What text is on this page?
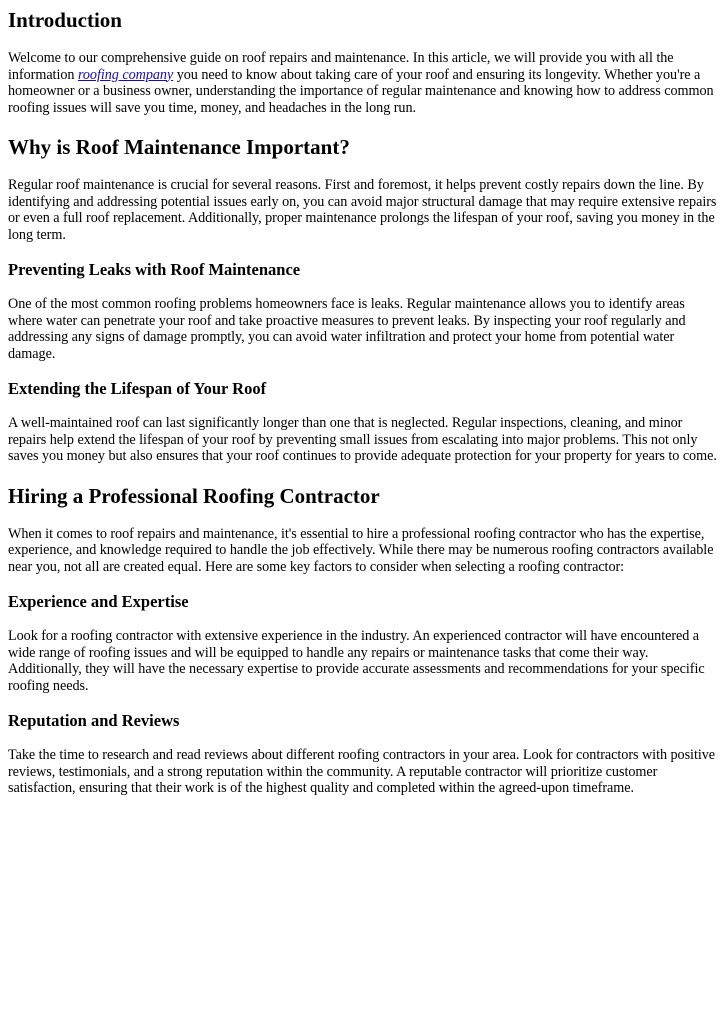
Introduction

Welcome to our comprehensive guide on roof repairs and maintenance. In this article, we will provide you with all the information roofing company you need to know about taking care of your roof and ensuring its longevity. Whether you're a homeowner or a business owner, understanding the importance of regular maintenance and knowing how to address common roofing issues will save you time, money, and headaches in the long run.

Why is Roof Maintenance Important?

Regular roof maintenance is crucial for several reasons. First and foremost, it helps prevent costly repairs down the line. By identifying and addressing potential issues early on, you can avoid major structural damage that may require extensive repairs or even a full roof replacement. Additionally, proper maintenance prolongs the lifespan of your roof, saving you money in the long term.

Preventing Leaks with Roof Maintenance

One of the most common roofing problems homeowners face is leaks. Regular maintenance allows you to identify areas where water can penetrate your roof and take proactive measures to prevent leaks. By inspecting your roof regularly and addressing any signs of damage promptly, you can avoid water infiltration and protect your home from potential water damage.

Extending the Lifespan of Your Roof

A well-maintained roof can last significantly longer than one that is neglected. Regular inspections, cleaning, and minor repairs help extend the lifespan of your roof by preventing small issues from escalating into major problems. This not only saves you money but also ensures that your roof continues to provide adequate protection for your property for years to come.

Hiring a Professional Roofing Contractor

When it comes to roof repairs and maintenance, it's essential to hire a professional roofing contractor who has the expertise, experience, and knowledge required to handle the job effectively. While there may be numerous roofing contractors available near you, not all are created equal. Here are some key factors to consider when selecting a roofing contractor:

Experience and Expertise

Look for a roofing contractor with extensive experience in the industry. An experienced contractor will have encountered a wide range of roofing issues and will be equipped to handle any repairs or maintenance tasks that come their way. Additionally, they will have the necessary expertise to provide accurate assessments and recommendations for your specific roofing needs.

Reputation and Reviews

Take the time to research and read reviews about different roofing contractors in your area. Look for contractors with positive reviews, testimonials, and a strong reputation within the community. A reputable contractor will prioritize customer satisfaction, ensuring that their work is of the highest quality and completed within the agreed-upon timeframe.
